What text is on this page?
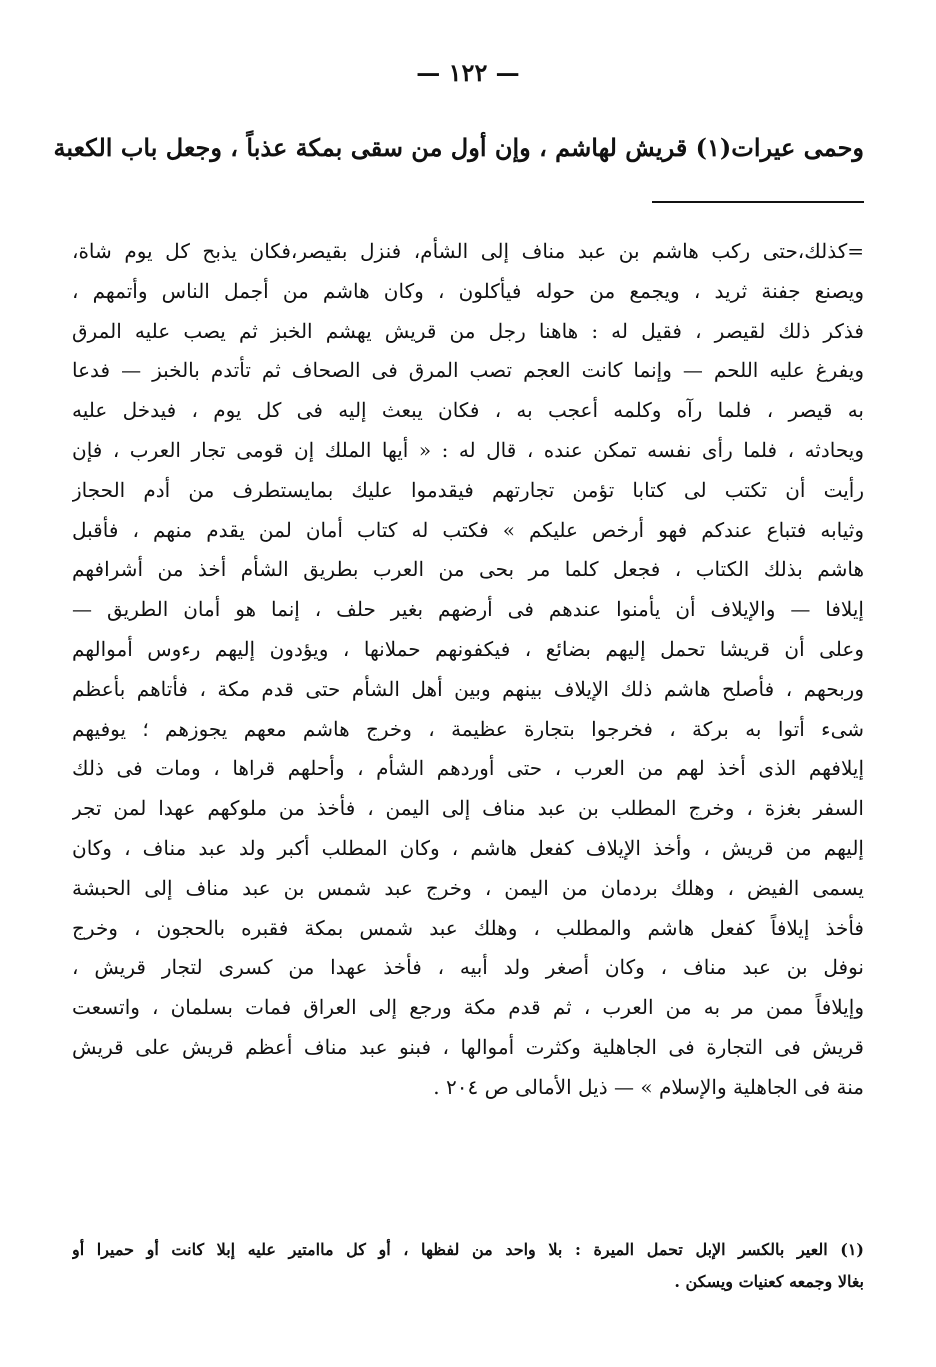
— ١٢٢ —
وحمى عيرات(١) قريش لهاشم ، وإن أول من سقى بمكة عذباً ، وجعل باب الكعبة
=كذلك،حتى ركب هاشم بن عبد مناف إلى الشأم، فنزل بقيصر،فكان يذبح كل يوم شاة،
ويصنع جفنة ثريد ، ويجمع من حوله فيأكلون ، وكان هاشم من أجمل الناس وأتمهم ،
فذكر ذلك لقيصر ، فقيل له : هاهنا رجل من قريش يهشم الخبز ثم يصب عليه المرق
ويفرغ عليه اللحم — وإنما كانت العجم تصب المرق فى الصحاف ثم تأتدم بالخبز — فدعا
به قيصر ، فلما رآه وكلمه أعجب به ، فكان يبعث إليه فى كل يوم ، فيدخل عليه
ويحادثه ، فلما رأى نفسه تمكن عنده ، قال له : « أيها الملك إن قومى تجار العرب ، فإن
رأيت أن تكتب لى كتابا تؤمن تجارتهم فيقدموا عليك بمايستطرف من أدم الحجاز
وثيابه فتباع عندكم فهو أرخص عليكم » فكتب له كتاب أمان لمن يقدم منهم ، فأقبل
هاشم بذلك الكتاب ، فجعل كلما مر بحى من العرب بطريق الشأم أخذ من أشرافهم
إيلافا — والإيلاف أن يأمنوا عندهم فى أرضهم بغير حلف ، إنما هو أمان الطريق —
وعلى أن قريشا تحمل إليهم بضائع ، فيكفونهم حملانها ، ويؤدون إليهم رءوس أموالهم
وربحهم ، فأصلح هاشم ذلك الإيلاف بينهم وبين أهل الشأم حتى قدم مكة ، فأتاهم بأعظم
شىء أتوا به بركة ، فخرجوا بتجارة عظيمة ، وخرج هاشم معهم يجوزهم ؛ يوفيهم
إيلافهم الذى أخذ لهم من العرب ، حتى أوردهم الشأم ، وأحلهم قراها ، ومات فى ذلك
السفر بغزة ، وخرج المطلب بن عبد مناف إلى اليمن ، فأخذ من ملوكهم عهدا لمن تجر
إليهم من قريش ، وأخذ الإيلاف كفعل هاشم ، وكان المطلب أكبر ولد عبد مناف ، وكان
يسمى الفيض ، وهلك بردمان من اليمن ، وخرج عبد شمس بن عبد مناف إلى الحبشة
فأخذ إيلافاً كفعل هاشم والمطلب ، وهلك عبد شمس بمكة فقبره بالحجون ، وخرج
نوفل بن عبد مناف ، وكان أصغر ولد أبيه ، فأخذ عهدا من كسرى لتجار قريش ،
وإيلافاً ممن مر به من العرب ، ثم قدم مكة ورجع إلى العراق فمات بسلمان ، واتسعت
قريش فى التجارة فى الجاهلية وكثرت أموالها ، فبنو عبد مناف أعظم قريش على قريش
منة فى الجاهلية والإسلام » — ذيل الأمالى ص ٢٠٤ .
(١) العير بالكسر الإبل تحمل الميرة : بلا واحد من لفظها ، أو كل ماامتير عليه إبلا كانت أو حميرا أو
بغالا وجمعه كعنيات ويسكن .
